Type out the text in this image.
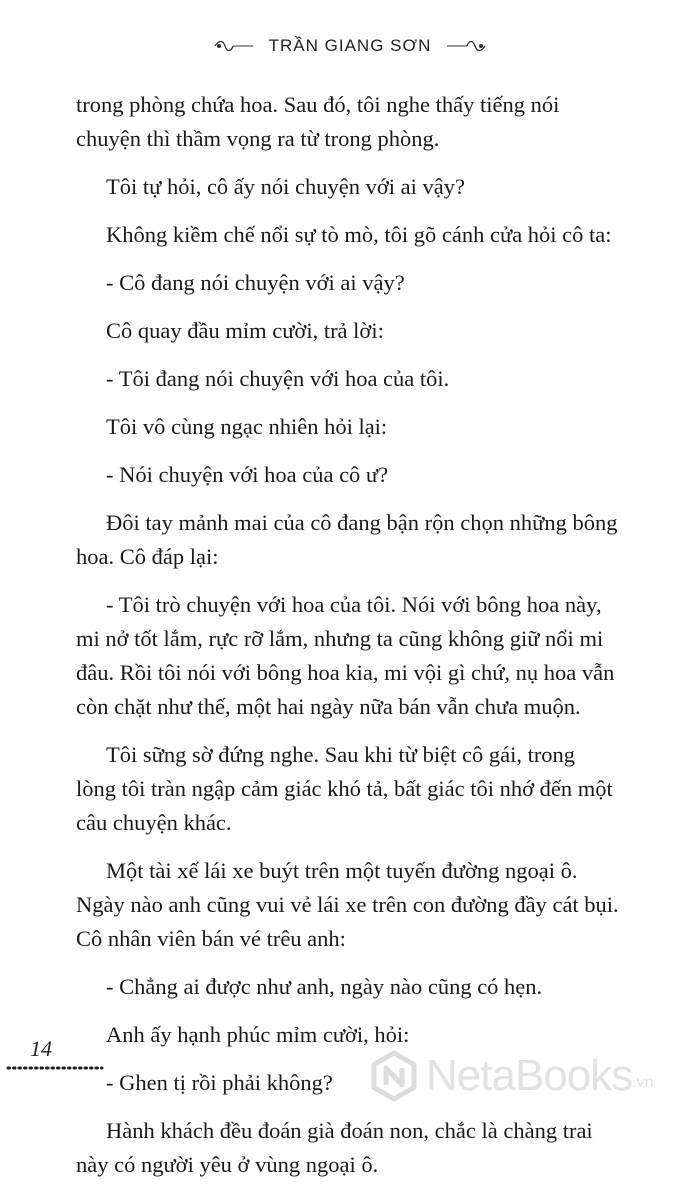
TRẦN GIANG SƠN

trong phòng chứa hoa. Sau đó, tôi nghe thấy tiếng nói chuyện thì thầm vọng ra từ trong phòng.

Tôi tự hỏi, cô ấy nói chuyện với ai vậy?

Không kiềm chế nổi sự tò mò, tôi gõ cánh cửa hỏi cô ta:

- Cô đang nói chuyện với ai vậy?

Cô quay đầu mỉm cười, trả lời:

- Tôi đang nói chuyện với hoa của tôi.

Tôi vô cùng ngạc nhiên hỏi lại:

- Nói chuyện với hoa của cô ư?

Đôi tay mảnh mai của cô đang bận rộn chọn những bông hoa. Cô đáp lại:

- Tôi trò chuyện với hoa của tôi. Nói với bông hoa này, mi nở tốt lắm, rực rỡ lắm, nhưng ta cũng không giữ nổi mi đâu. Rồi tôi nói với bông hoa kia, mi vội gì chứ, nụ hoa vẫn còn chặt như thế, một hai ngày nữa bán vẫn chưa muộn.

Tôi sững sờ đứng nghe. Sau khi từ biệt cô gái, trong lòng tôi tràn ngập cảm giác khó tả, bất giác tôi nhớ đến một câu chuyện khác.

Một tài xế lái xe buýt trên một tuyến đường ngoại ô. Ngày nào anh cũng vui vẻ lái xe trên con đường đầy cát bụi. Cô nhân viên bán vé trêu anh:

- Chẳng ai được như anh, ngày nào cũng có hẹn.

Anh ấy hạnh phúc mỉm cười, hỏi:

- Ghen tị rồi phải không?

Hành khách đều đoán già đoán non, chắc là chàng trai này có người yêu ở vùng ngoại ô.

14
NetaBooks .vn
